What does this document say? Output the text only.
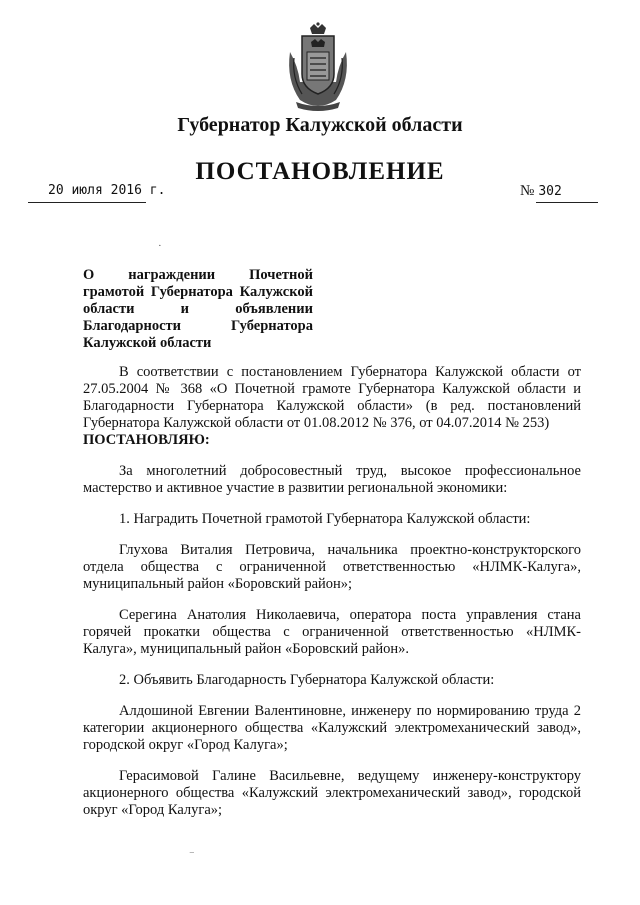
Губернатор Калужской области
ПОСТАНОВЛЕНИЕ
20 июля 2016 г.	№ 302
·
О награждении Почетной грамотой Губернатора Калужской области и объявлении Благодарности Губернатора Калужской области

В соответствии с постановлением Губернатора Калужской области от 27.05.2004 № 368 «О Почетной грамоте Губернатора Калужской области и Благодарности Губернатора Калужской области» (в ред. постановлений Губернатора Калужской области от 01.08.2012 № 376, от 04.07.2014 № 253)

ПОСТАНОВЛЯЮ:

За многолетний добросовестный труд, высокое профессиональное мастерство и активное участие в развитии региональной экономики:

1. Наградить Почетной грамотой Губернатора Калужской области:

Глухова Виталия Петровича, начальника проектно-конструкторского отдела общества с ограниченной ответственностью «НЛМК-Калуга», муниципальный район «Боровский район»;

Серегина Анатолия Николаевича, оператора поста управления стана горячей прокатки общества с ограниченной ответственностью «НЛМК-Калуга», муниципальный район «Боровский район».

2. Объявить Благодарность Губернатора Калужской области:

Алдошиной Евгении Валентиновне, инженеру по нормированию труда 2 категории акционерного общества «Калужский электромеханический завод», городской округ «Город Калуга»;

Герасимовой Галине Васильевне, ведущему инженеру-конструктору акционерного общества «Калужский электромеханический завод», городской округ «Город Калуга»;

‾
